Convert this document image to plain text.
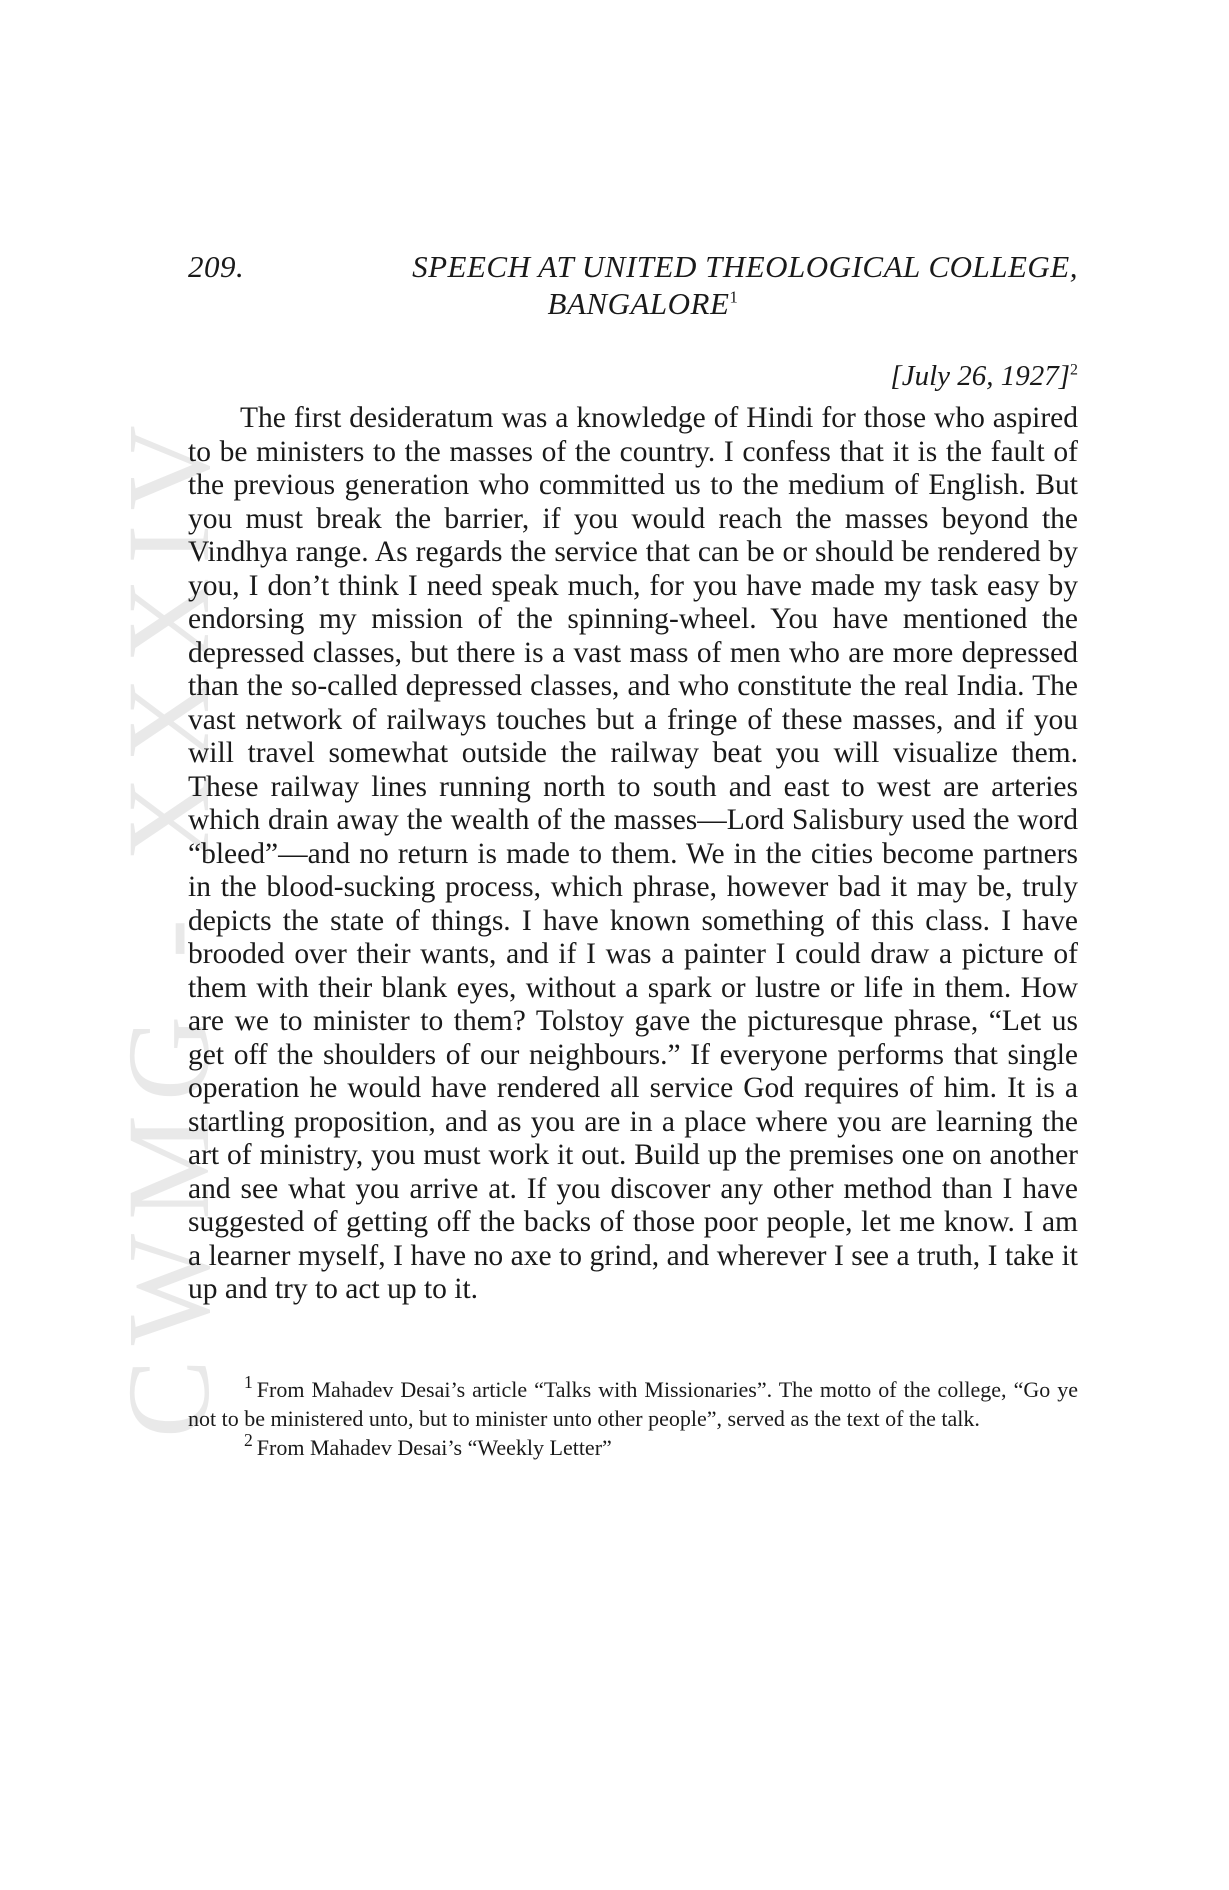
CWMG - XXXIV
209.	SPEECH AT UNITED THEOLOGICAL COLLEGE,
BANGALORE$^1$
[July 26, 1927]$^2$

The first desideratum was a knowledge of Hindi for those who aspired to be ministers to the masses of the country. I confess that it is the fault of the previous generation who committed us to the medium of English. But you must break the barrier, if you would reach the masses beyond the Vindhya range. As regards the service that can be or should be rendered by you, I don’t think I need speak much, for you have made my task easy by endorsing my mission of the spinning-wheel. You have mentioned the depressed classes, but there is a vast mass of men who are more depressed than the so-called depressed classes, and who constitute the real India. The vast network of railways touches but a fringe of these masses, and if you will travel somewhat outside the railway beat you will visualize them. These railway lines running north to south and east to west are arteries which drain away the wealth of the masses—Lord Salisbury used the word “bleed”—and no return is made to them. We in the cities become partners in the blood-sucking process, which phrase, however bad it may be, truly depicts the state of things. I have known something of this class. I have brooded over their wants, and if I was a painter I could draw a picture of them with their blank eyes, without a spark or lustre or life in them. How are we to minister to them? Tolstoy gave the picturesque phrase, “Let us get off the shoulders of our neighbours.” If everyone performs that single operation he would have rendered all service God requires of him. It is a startling proposition, and as you are in a place where you are learning the art of ministry, you must work it out. Build up the premises one on another and see what you arrive at. If you discover any other method than I have suggested of getting off the backs of those poor people, let me know. I am a learner myself, I have no axe to grind, and wherever I see a truth, I take it up and try to act up to it.

$^1$ From Mahadev Desai’s article “Talks with Missionaries”. The motto of the college, “Go ye not to be ministered unto, but to minister unto other people”, served as the text of the talk.

$^2$ From Mahadev Desai’s “Weekly Letter”
